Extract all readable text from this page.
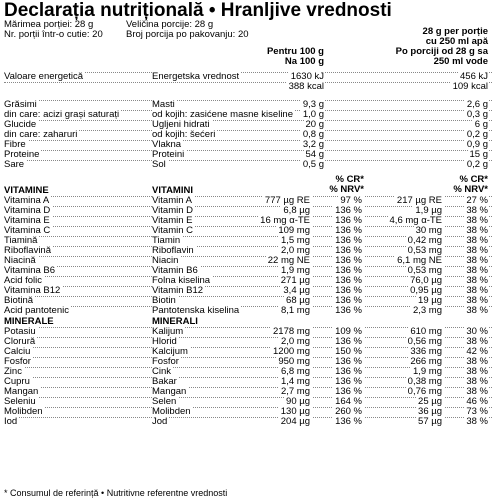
Declarația nutrițională • Hranljive vrednosti
Mărimea porției: 28 g	Veličina porcije: 28 g
Nr. porții într-o cutie: 20 Broj porcija po pakovanju: 20
Pentru 100 g
Na 100 g
28 g per porție
cu 250 ml apă
Po porciji od 28 g sa
250 ml vode
Valoare energetică	Energetska vrednost	1630 kJ	456 kJ
388 kcal	109 kcal
Grăsimi	Masti	9,3 g	2,6 g
din care: acizi grași saturați	od kojih: zasićene masne kiseline 1,0 g	0,3 g
Glucide	Ugljeni hidrati	20 g	6 g
din care: zaharuri	od kojih: šećeri	0,8 g	0,2 g
Fibre	Vlakna	3,2 g	0,9 g
Proteine	Proteini	54 g	15 g
Sare	Sol	0,5 g	0,2 g
% CR*
% NRV*
% CR*
% NRV*
VITAMINE	VITAMINI
Vitamina A	Vitamin A	777 µg RE	97 %	217 µg RE	27 %
Vitamina D	Vitamin D	6,8 µg	136 %	1,9 µg	38 %
Vitamina E	Vitamin E	16 mg α-TE	136 %	4,6 mg α-TE	38 %
Vitamina C	Vitamin C	109 mg	136 %	30 mg	38 %
Tiamină	Tiamin	1,5 mg	136 %	0,42 mg	38 %
Riboflavină	Riboflavin	2,0 mg	136 %	0,53 mg	38 %
Niacină	Niacin	22 mg NE	136 %	6,1 mg NE	38 %
Vitamina B6	Vitamin B6	1,9 mg	136 %	0,53 mg	38 %
Acid folic	Folna kiselina	271 µg	136 %	76,0 µg	38 %
Vitamina B12	Vitamin B12	3,4 µg	136 %	0,95 µg	38 %
Biotină	Biotin	68 µg	136 %	19 µg	38 %
Acid pantotenic	Pantotenska kiselina	8,1 mg	136 %	2,3 mg	38 %
MINERALE	MINERALI
Potasiu	Kalijum	2178 mg	109 %	610 mg	30 %
Clorură	Hlorid	2,0 mg	136 %	0,56 mg	38 %
Calciu	Kalcijum	1200 mg	150 %	336 mg	42 %
Fosfor	Fosfor	950 mg	136 %	266 mg	38 %
Zinc	Cink	6,8 mg	136 %	1,9 mg	38 %
Cupru	Bakar	1,4 mg	136 %	0,38 mg	38 %
Mangan	Mangan	2,7 mg	136 %	0,76 mg	38 %
Seleniu	Selen	90 µg	164 %	25 µg	46 %
Molibden	Molibden	130 µg	260 %	36 µg	73 %
Iod	Jod	204 µg	136 %	57 µg	38 %
* Consumul de referință • Nutritivne referentne vrednosti
